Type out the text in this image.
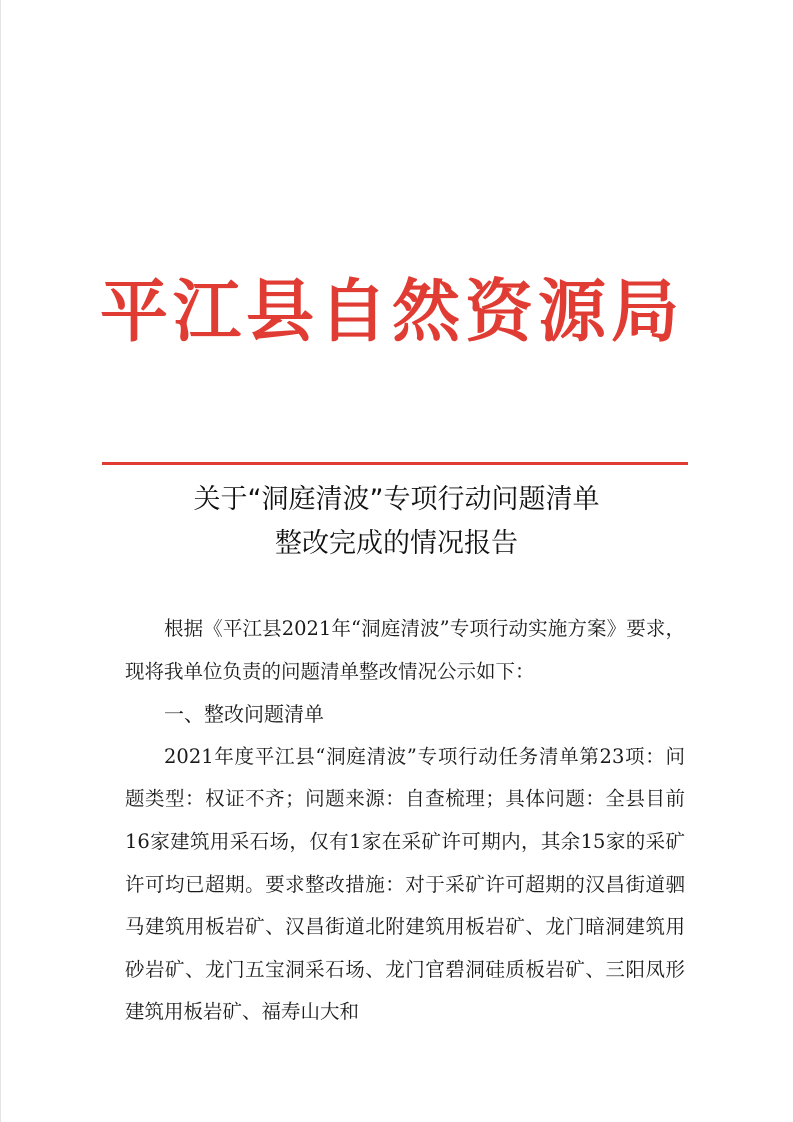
平江县自然资源局
关于“洞庭清波”专项行动问题清单
整改完成的情况报告

根据《平江县2021年“洞庭清波”专项行动实施方案》要求，现将我单位负责的问题清单整改情况公示如下：

一、整改问题清单

2021年度平江县“洞庭清波”专项行动任务清单第23项：问题类型：权证不齐；问题来源：自查梳理；具体问题：全县目前16家建筑用采石场，仅有1家在采矿许可期内，其余15家的采矿许可均已超期。要求整改措施：对于采矿许可超期的汉昌街道驷马建筑用板岩矿、汉昌街道北附建筑用板岩矿、龙门暗洞建筑用砂岩矿、龙门五宝洞采石场、龙门官碧洞硅质板岩矿、三阳凤形建筑用板岩矿、福寿山大和
